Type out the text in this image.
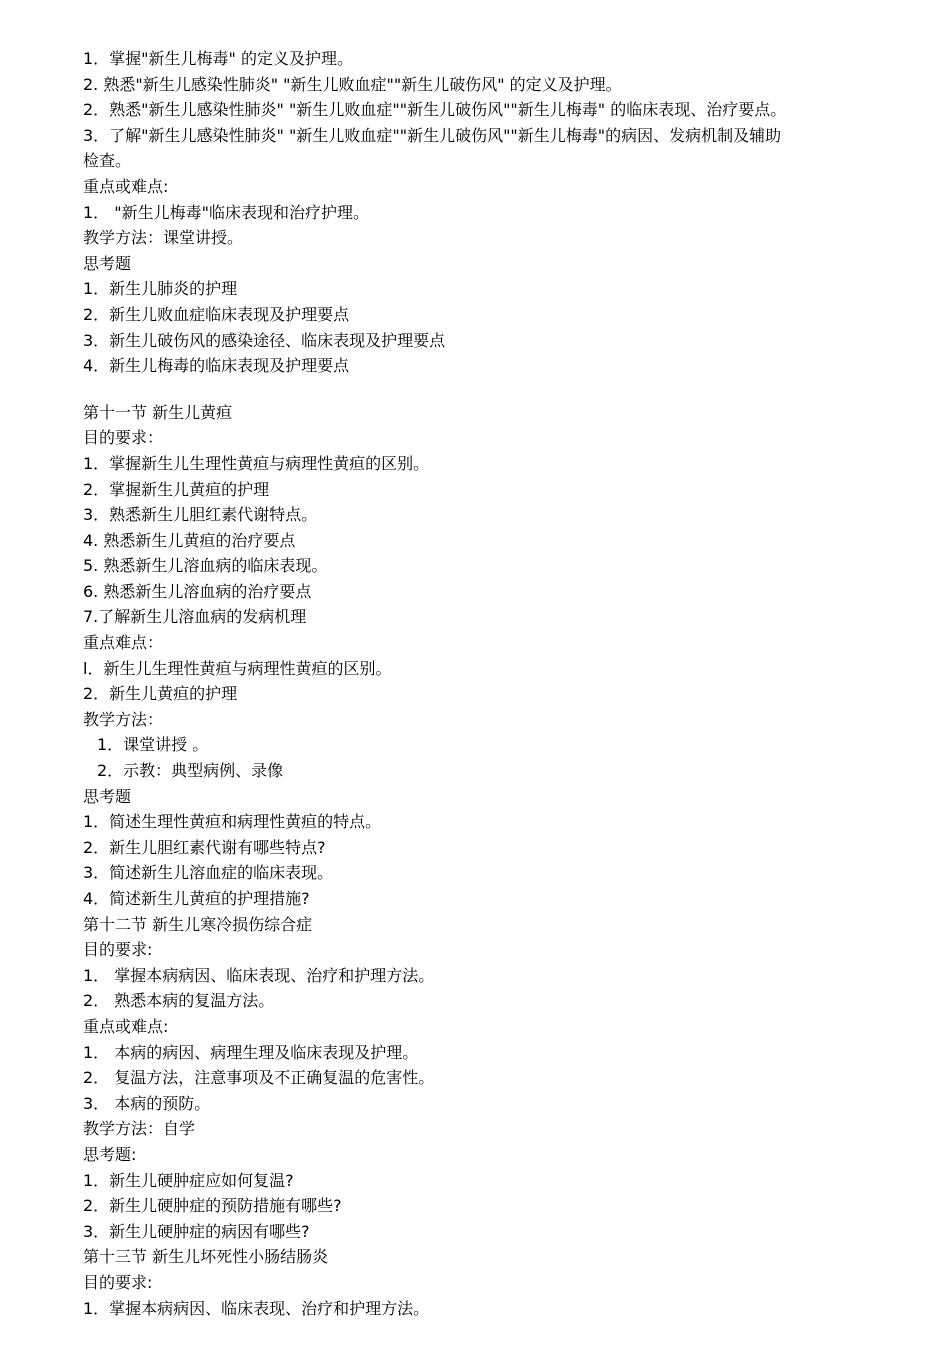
1．掌握"新生儿梅毒" 的定义及护理。
2. 熟悉"新生儿感染性肺炎" "新生儿败血症""新生儿破伤风" 的定义及护理。
2．熟悉"新生儿感染性肺炎" "新生儿败血症""新生儿破伤风""新生儿梅毒" 的临床表现、治疗要点。
3．了解"新生儿感染性肺炎" "新生儿败血症""新生儿破伤风""新生儿梅毒"的病因、发病机制及辅助
检查。
重点或难点:
1． "新生儿梅毒"临床表现和治疗护理。
教学方法：课堂讲授。
思考题
1．新生儿肺炎的护理
2．新生儿败血症临床表现及护理要点
3．新生儿破伤风的感染途径、临床表现及护理要点
4．新生儿梅毒的临床表现及护理要点
第十一节 新生儿黄疸
目的要求：
1．掌握新生儿生理性黄疸与病理性黄疸的区别。
2．掌握新生儿黄疸的护理
3．熟悉新生儿胆红素代谢特点。
4. 熟悉新生儿黄疸的治疗要点
5. 熟悉新生儿溶血病的临床表现。
6. 熟悉新生儿溶血病的治疗要点
7.了解新生儿溶血病的发病机理
重点难点：
l．新生儿生理性黄疸与病理性黄疸的区别。
2．新生儿黄疸的护理
教学方法：
1．课堂讲授 。
2．示教：典型病例、录像
思考题
1．简述生理性黄疸和病理性黄疸的特点。
2．新生儿胆红素代谢有哪些特点?
3．简述新生儿溶血症的临床表现。
4．简述新生儿黄疸的护理措施?
第十二节 新生儿寒冷损伤综合症
目的要求:
1． 掌握本病病因、临床表现、治疗和护理方法。
2． 熟悉本病的复温方法。
重点或难点:
1． 本病的病因、病理生理及临床表现及护理。
2． 复温方法，注意事项及不正确复温的危害性。
3． 本病的预防。
教学方法：自学
思考题:
1．新生儿硬肿症应如何复温?
2．新生儿硬肿症的预防措施有哪些?
3．新生儿硬肿症的病因有哪些?
第十三节 新生儿坏死性小肠结肠炎
目的要求:
1．掌握本病病因、临床表现、治疗和护理方法。
